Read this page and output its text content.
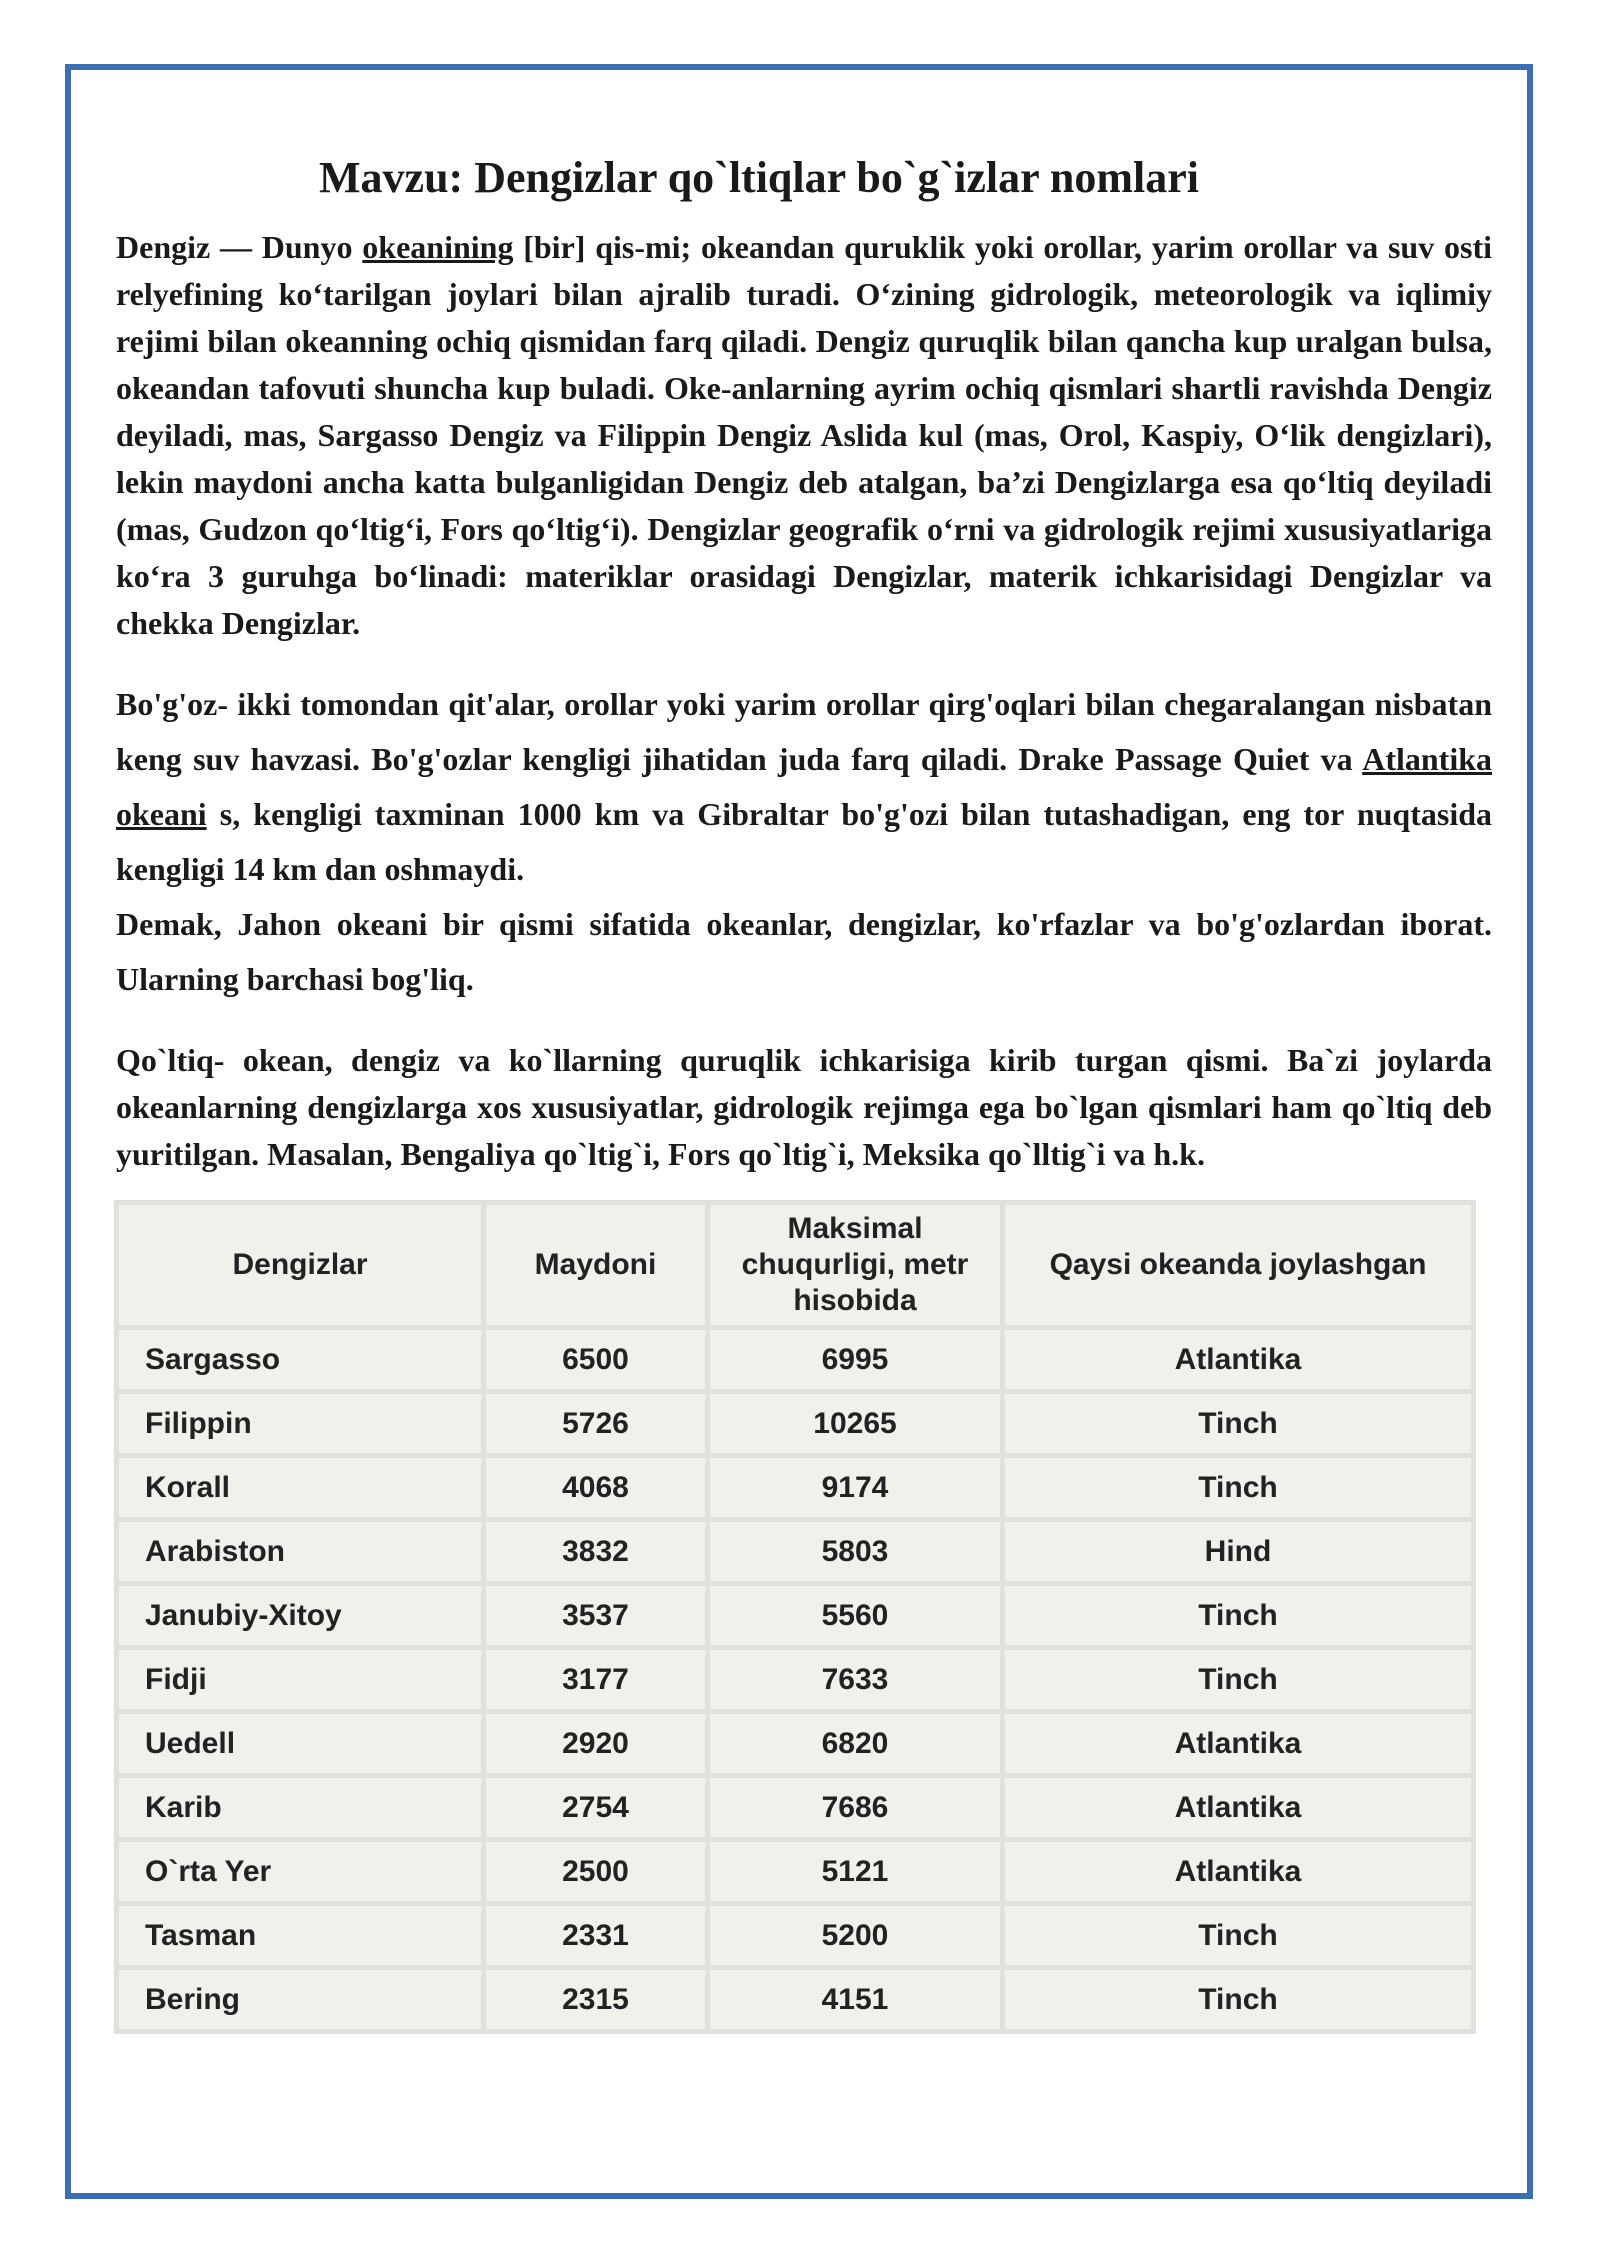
Mavzu: Dengizlar qo`ltiqlar bo`g`izlar nomlari

Dengiz — Dunyo okeanining [bir] qis-mi; okeandan quruklik yoki orollar, yarim orollar va suv osti relyefining ko‘tarilgan joylari bilan ajralib turadi. O‘zining gidrologik, meteorologik va iqlimiy rejimi bilan okeanning ochiq qismidan farq qiladi. Dengiz quruqlik bilan qancha kup uralgan bulsa, okeandan tafovuti shuncha kup buladi. Oke-anlarning ayrim ochiq qismlari shartli ravishda Dengiz deyiladi, mas, Sargasso Dengiz va Filippin Dengiz Aslida kul (mas, Orol, Kaspiy, O‘lik dengizlari), lekin maydoni ancha katta bulganligidan Dengiz deb atalgan, ba’zi Dengizlarga esa qo‘ltiq deyiladi (mas, Gudzon qo‘ltig‘i, Fors qo‘ltig‘i). Dengizlar geografik o‘rni va gidrologik rejimi xususiyatlariga ko‘ra 3 guruhga bo‘linadi: materiklar orasidagi Dengizlar, materik ichkarisidagi Dengizlar va chekka Dengizlar.

Bo'g'oz- ikki tomondan qit'alar, orollar yoki yarim orollar qirg'oqlari bilan chegaralangan nisbatan keng suv havzasi. Bo'g'ozlar kengligi jihatidan juda farq qiladi. Drake Passage Quiet va Atlantika okeani s, kengligi taxminan 1000 km va Gibraltar bo'g'ozi bilan tutashadigan, eng tor nuqtasida kengligi 14 km dan oshmaydi.

Demak, Jahon okeani bir qismi sifatida okeanlar, dengizlar, ko'rfazlar va bo'g'ozlardan iborat. Ularning barchasi bog'liq.

Qo`ltiq- okean, dengiz va ko`llarning quruqlik ichkarisiga kirib turgan qismi. Ba`zi joylarda okeanlarning dengizlarga xos xususiyatlar, gidrologik rejimga ega bo`lgan qismlari ham qo`ltiq deb yuritilgan. Masalan, Bengaliya qo`ltig`i, Fors qo`ltig`i, Meksika qo`lltig`i va h.k.

Dengizlar	Maydoni	Maksimal chuqurligi, metr hisobida	Qaysi okeanda joylashgan
Sargasso	6500	6995	Atlantika
Filippin	5726	10265	Tinch
Korall	4068	9174	Tinch
Arabiston	3832	5803	Hind
Janubiy-Xitoy	3537	5560	Tinch
Fidji	3177	7633	Tinch
Uedell	2920	6820	Atlantika
Karib	2754	7686	Atlantika
O`rta Yer	2500	5121	Atlantika
Tasman	2331	5200	Tinch
Bering	2315	4151	Tinch
